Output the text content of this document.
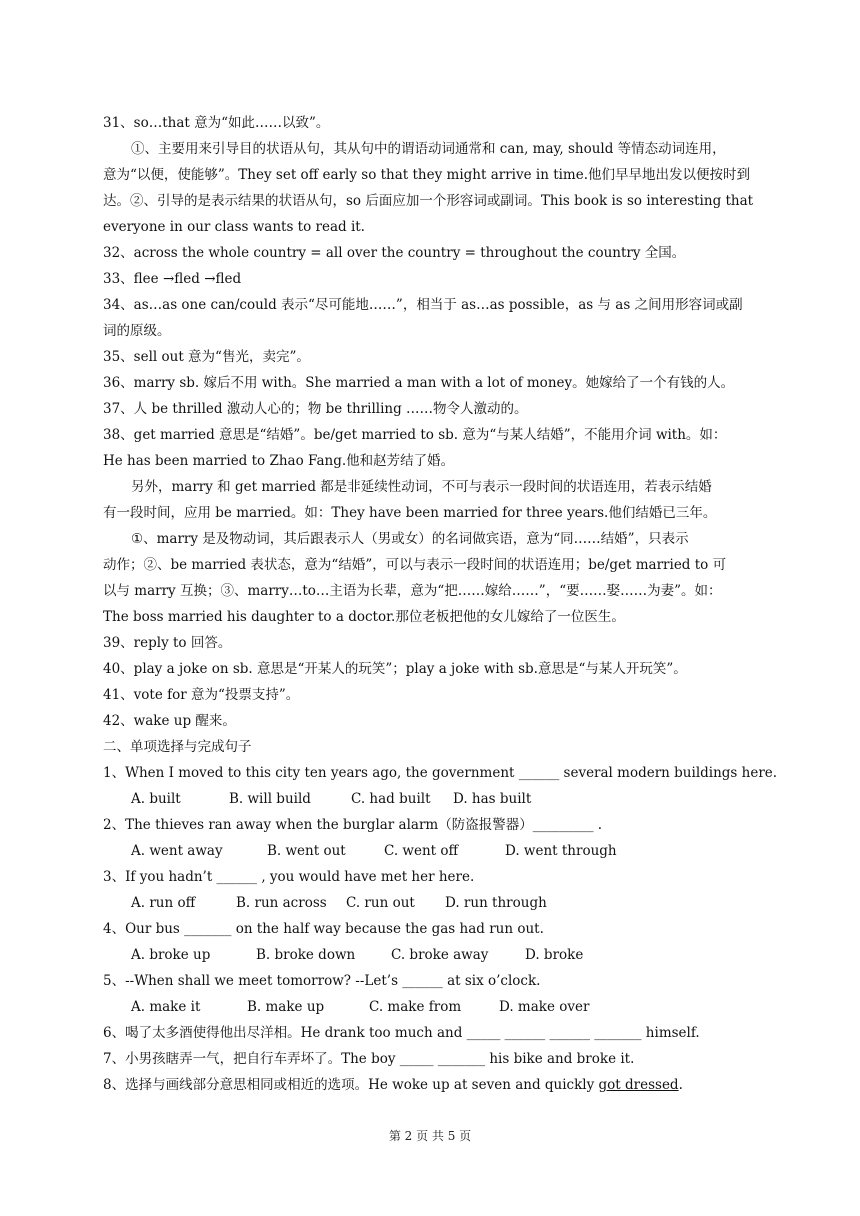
31、so…that 意为“如此……以致”。
①、主要用来引导目的状语从句，其从句中的谓语动词通常和 can, may, should 等情态动词连用，
意为“以便，使能够”。They set off early so that they might arrive in time.他们早早地出发以便按时到
达。②、引导的是表示结果的状语从句，so 后面应加一个形容词或副词。This book is so interesting that
everyone in our class wants to read it.
32、across the whole country = all over the country = throughout the country 全国。
33、flee →fled →fled
34、as…as one can/could 表示“尽可能地……”，相当于 as…as possible，as 与 as 之间用形容词或副
词的原级。
35、sell out 意为“售光，卖完”。
36、marry sb. 嫁后不用 with。She married a man with a lot of money。她嫁给了一个有钱的人。
37、人 be thrilled 激动人心的；物 be thrilling ……物令人激动的。
38、get married 意思是“结婚”。be/get married to sb. 意为“与某人结婚”，不能用介词 with。如：
He has been married to Zhao Fang.他和赵芳结了婚。
另外，marry 和 get married 都是非延续性动词，不可与表示一段时间的状语连用，若表示结婚
有一段时间，应用 be married。如：They have been married for three years.他们结婚已三年。
①、marry 是及物动词，其后跟表示人（男或女）的名词做宾语，意为“同……结婚”，只表示
动作；②、be married 表状态，意为“结婚”，可以与表示一段时间的状语连用；be/get married to 可
以与 marry 互换；③、marry…to…主语为长辈，意为“把……嫁给……”，“要……娶……为妻”。如：
The boss married his daughter to a doctor.那位老板把他的女儿嫁给了一位医生。
39、reply to 回答。
40、play a joke on sb. 意思是“开某人的玩笑”；play a joke with sb.意思是“与某人开玩笑”。
41、vote for 意为“投票支持”。
42、wake up 醒来。
二、单项选择与完成句子
1、When I moved to this city ten years ago, the government ______ several modern buildings here.
A. built	B. will build	C. had built D. has built
2、The thieves ran away when the burglar alarm（防盗报警器）_________ .
A. went away	B. went out	C. went off	D. went through
3、If you hadn’t ______ , you would have met her here.
A. run off	B. run across C. run out D. run through
4、Our bus _______ on the half way because the gas had run out.
A. broke up	B. broke down	C. broke away	D. broke
5、--When shall we meet tomorrow? --Let’s ______ at six o’clock.
A. make it	B. make up	C. make from	D. make over
6、喝了太多酒使得他出尽洋相。He drank too much and _____ ______ ______ _______ himself.
7、小男孩瞎弄一气，把自行车弄坏了。The boy _____ _______ his bike and broke it.
8、选择与画线部分意思相同或相近的选项。He woke up at seven and quickly got dressed.
第 2 页 共 5 页
